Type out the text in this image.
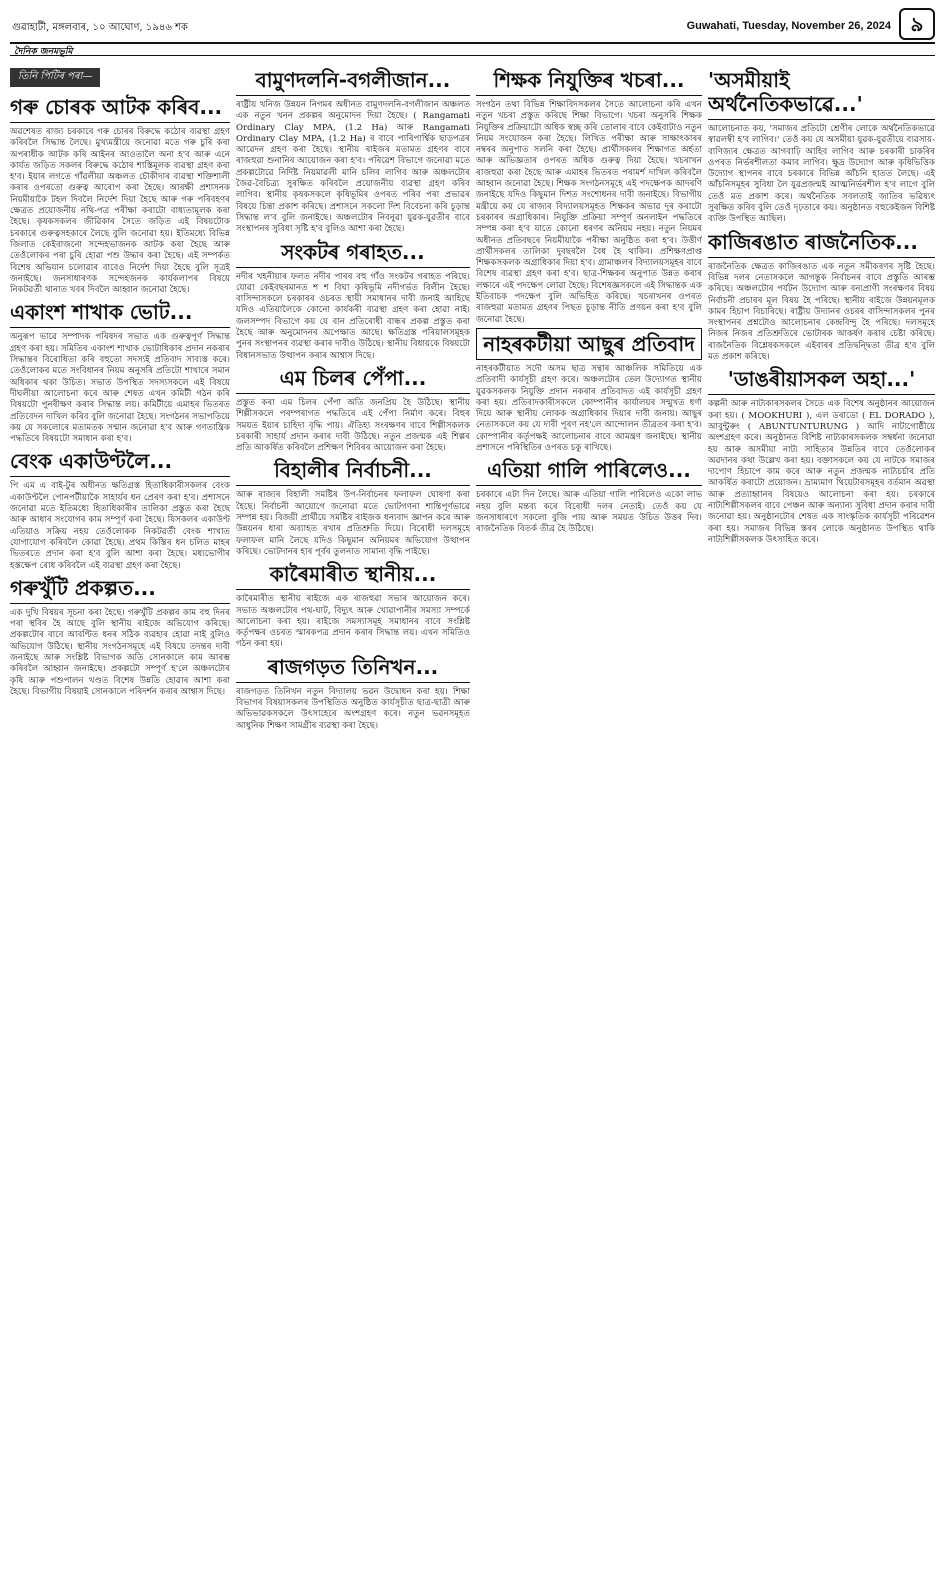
গুৱাহাটী, মঙ্গলবাৰ, ১০ আঘোণ, ১৯৪৬ শক	Guwahati, Tuesday, November 26, 2024 ৯
দৈনিক জনমভূমি
তিনি পিটিৰ পৰা—
গৰু চোৰক আটক কৰিব...
অৱশেষত ৰাজ্য চৰকাৰে গৰু চোৰৰ বিৰুদ্ধে কঠোৰ ব্যৱস্থা গ্ৰহণ কৰিবলৈ সিদ্ধান্ত লৈছে। মুখ্যমন্ত্ৰীয়ে জনোৱা মতে গৰু চুৰি কৰা অপৰাধীক আটক কৰি আইনৰ আওতালৈ অনা হ'ব আৰু এনে কাৰ্যত জড়িত সকলৰ বিৰুদ্ধে কঠোৰ শাস্তিমূলক ব্যৱস্থা গ্ৰহণ কৰা হ'ব। ইয়াৰ লগতে গাঁৱলীয়া অঞ্চলত চৌকীদাৰ ব্যৱস্থা শক্তিশালী কৰাৰ ওপৰতো গুৰুত্ব আৰোপ কৰা হৈছে। আৰক্ষী প্ৰশাসনক নিয়মীয়াকৈ টহল দিবলৈ নিৰ্দেশ দিয়া হৈছে আৰু গৰু পৰিবহণৰ ক্ষেত্ৰত প্ৰয়োজনীয় নথি-পত্ৰ পৰীক্ষা কৰাটো বাধ্যতামূলক কৰা হৈছে। কৃষকসকলৰ জীৱিকাৰ সৈতে জড়িত এই বিষয়টোক চৰকাৰে গুৰুত্বসহকাৰে লৈছে বুলি জনোৱা হয়। ইতিমধ্যে বিভিন্ন জিলাত কেইবাজনো সন্দেহভাজনক আটক কৰা হৈছে আৰু তেওঁলোকৰ পৰা চুৰি হোৱা পশু উদ্ধাৰ কৰা হৈছে। এই সম্পৰ্কত বিশেষ অভিযান চলোৱাৰ বাবেও নিৰ্দেশ দিয়া হৈছে বুলি সূত্ৰই জনাইছে। জনসাধাৰণক সন্দেহজনক কাৰ্যকলাপৰ বিষয়ে নিকটৱৰ্তী থানাত খবৰ দিবলৈ আহ্বান জনোৱা হৈছে।
একাংশ শাখাক ভোট...
অনুৰূপ ভাৱে সম্পাদক পৰিষদৰ সভাত এক গুৰুত্বপূৰ্ণ সিদ্ধান্ত গ্ৰহণ কৰা হয়। সমিতিৰ একাংশ শাখাক ভোটাধিকাৰ প্ৰদান নকৰাৰ সিদ্ধান্তৰ বিৰোধিতা কৰি বহুতো সদস্যই প্ৰতিবাদ সাব্যস্ত কৰে। তেওঁলোকৰ মতে সংবিধানৰ নিয়ম অনুসৰি প্ৰতিটো শাখাৰে সমান অধিকাৰ থকা উচিত। সভাত উপস্থিত সদস্যসকলে এই বিষয়ে দীঘলীয়া আলোচনা কৰে আৰু শেষত এখন কমিটী গঠন কৰি বিষয়টো পুনৰীক্ষণ কৰাৰ সিদ্ধান্ত লয়। কমিটীয়ে এমাহৰ ভিতৰত প্ৰতিবেদন দাখিল কৰিব বুলি জনোৱা হৈছে। সংগঠনৰ সভাপতিয়ে কয় যে সকলোৰে মতামতক সন্মান জনোৱা হ'ব আৰু গণতান্ত্ৰিক পদ্ধতিৰে বিষয়টো সমাধান কৰা হ'ব।
বেংক একাউণ্টলৈ...
পি এম এ বাই-টুৰ অধীনত ক্ষতিগ্ৰস্ত হিতাধিকাৰীসকলৰ বেংক একাউণ্টলৈ পোনপটীয়াকৈ সাহাৰ্যৰ ধন প্ৰেৰণ কৰা হ'ব। প্ৰশাসনে জনোৱা মতে ইতিমধ্যে হিতাধিকাৰীৰ তালিকা প্ৰস্তুত কৰা হৈছে আৰু আধাৰ সংযোগৰ কাম সম্পূৰ্ণ কৰা হৈছে। যিসকলৰ একাউণ্ট এতিয়াও সক্ৰিয় নহয় তেওঁলোকক নিকটৱৰ্তী বেংক শাখাত যোগাযোগ কৰিবলৈ কোৱা হৈছে। প্ৰথম কিস্তিৰ ধন চলিত মাহৰ ভিতৰতে প্ৰদান কৰা হ'ব বুলি আশা কৰা হৈছে। মধ্যভোগীৰ হস্তক্ষেপ ৰোধ কৰিবলৈ এই ব্যৱস্থা গ্ৰহণ কৰা হৈছে।
গৰুখুঁটি প্ৰকল্পত...
এক দুখি বিষয়ৰ সূচনা কৰা হৈছে। গৰুখুঁটি প্ৰকল্পৰ কাম বহু দিনৰ পৰা স্থবিৰ হৈ আছে বুলি স্থানীয় ৰাইজে অভিযোগ কৰিছে। প্ৰকল্পটোৰ বাবে আবণ্টিত ধনৰ সঠিক ব্যৱহাৰ হোৱা নাই বুলিও অভিযোগ উঠিছে। স্থানীয় সংগঠনসমূহে এই বিষয়ে তদন্তৰ দাবী জনাইছে আৰু সংশ্লিষ্ট বিভাগক অতি সোনকালে কাম আৰম্ভ কৰিবলৈ আহ্বান জনাইছে। প্ৰকল্পটো সম্পূৰ্ণ হ'লে অঞ্চলটোৰ কৃষি আৰু পশুপালন খণ্ডত বিশেষ উন্নতি হোৱাৰ আশা কৰা হৈছে। বিভাগীয় বিষয়াই সোনকালে পৰিদৰ্শন কৰাৰ আশ্বাস দিছে।
বামুণদলনি-বগলীজান...
ৰাষ্ট্ৰীয় খনিজ উন্নয়ন নিগমৰ অধীনত বামুণদলনি-বগলীজান অঞ্চলত এক নতুন খনন প্ৰকল্পৰ অনুমোদন দিয়া হৈছে। ( Rangamati Ordinary Clay MPA, (1.2 Ha) আৰু Rangamati Ordinary Clay MPA, (1.2 Ha) ৰ বাবে পাৰিপাৰ্শ্বিক ছাড়পত্ৰৰ আৱেদন গ্ৰহণ কৰা হৈছে। স্থানীয় ৰাইজৰ মতামত গ্ৰহণৰ বাবে ৰাজহুৱা শুনানিৰ আয়োজন কৰা হ'ব। পৰিৱেশ বিভাগে জনোৱা মতে প্ৰকল্পটোৱে নিৰ্দিষ্ট নিয়মাৱলী মানি চলিব লাগিব আৰু অঞ্চলটোৰ জৈৱ-বৈচিত্ৰ্য সুৰক্ষিত কৰিবলৈ প্ৰয়োজনীয় ব্যৱস্থা গ্ৰহণ কৰিব লাগিব। স্থানীয় কৃষকসকলে কৃষিভূমিৰ ওপৰত পৰিব পৰা প্ৰভাৱৰ বিষয়ে চিন্তা প্ৰকাশ কৰিছে। প্ৰশাসনে সকলো দিশ বিবেচনা কৰি চূড়ান্ত সিদ্ধান্ত ল'ব বুলি জনাইছে। অঞ্চলটোৰ নিবনুৱা যুৱক-যুৱতীৰ বাবে সংস্থাপনৰ সুবিধা সৃষ্টি হ'ব বুলিও আশা কৰা হৈছে।
সংকটৰ গৰাহত...
নদীৰ খহনীয়াৰ ফলত নদীৰ পাৰৰ বহু গাঁও সংকটৰ গৰাহত পৰিছে। যোৱা কেইবছৰমানত শ শ বিঘা কৃষিভূমি নদীগৰ্ভত বিলীন হৈছে। বাসিন্দাসকলে চৰকাৰৰ ওচৰত স্থায়ী সমাধানৰ দাবী জনাই আহিছে যদিও এতিয়ালৈকে কোনো কাৰ্যকৰী ব্যৱস্থা গ্ৰহণ কৰা হোৱা নাই। জলসম্পদ বিভাগে কয় যে বান প্ৰতিৰোধী বান্ধৰ প্ৰকল্প প্ৰস্তুত কৰা হৈছে আৰু অনুমোদনৰ অপেক্ষাত আছে। ক্ষতিগ্ৰস্ত পৰিয়ালসমূহক পুনৰ সংস্থাপনৰ ব্যৱস্থা কৰাৰ দাবীও উঠিছে। স্থানীয় বিধায়কে বিষয়টো বিধানসভাত উত্থাপন কৰাৰ আশ্বাস দিছে।
এম চিলৰ পেঁপা...
প্ৰস্তুত কৰা এম চিলৰ পেঁপা অতি জনপ্ৰিয় হৈ উঠিছে। স্থানীয় শিল্পীসকলে পৰম্পৰাগত পদ্ধতিৰে এই পেঁপা নিৰ্মাণ কৰে। বিহুৰ সময়ত ইয়াৰ চাহিদা বৃদ্ধি পায়। ঐতিহ্য সংৰক্ষণৰ বাবে শিল্পীসকলক চৰকাৰী সাহাৰ্য প্ৰদান কৰাৰ দাবী উঠিছে। নতুন প্ৰজন্মক এই শিল্পৰ প্ৰতি আকৰ্ষিত কৰিবলৈ প্ৰশিক্ষণ শিবিৰৰ আয়োজন কৰা হৈছে।
বিহালীৰ নিৰ্বাচনী...
আৰু ৰাজ্যৰ বিহালী সমষ্টিৰ উপ-নিৰ্বাচনৰ ফলাফল ঘোষণা কৰা হৈছে। নিৰ্বাচনী আয়োগে জনোৱা মতে ভোটগণনা শান্তিপূৰ্ণভাৱে সম্পন্ন হয়। বিজয়ী প্ৰাৰ্থীয়ে সমষ্টিৰ ৰাইজক ধন্যবাদ জ্ঞাপন কৰে আৰু উন্নয়নৰ ধাৰা অব্যাহত ৰখাৰ প্ৰতিশ্ৰুতি দিয়ে। বিৰোধী দলসমূহে ফলাফল মানি লৈছে যদিও কিছুমান অনিয়মৰ অভিযোগ উত্থাপন কৰিছে। ভোটদানৰ হাৰ পূৰ্বৰ তুলনাত সামান্য বৃদ্ধি পাইছে।
কাৰৈমাৰীত স্থানীয়...
কাৰৈমাৰীত স্থানীয় ৰাইজে এক ৰাজহুৱা সভাৰ আয়োজন কৰে। সভাত অঞ্চলটোৰ পথ-ঘাট, বিদ্যুৎ আৰু খোৱাপানীৰ সমস্যা সম্পৰ্কে আলোচনা কৰা হয়। ৰাইজে সমস্যাসমূহ সমাধানৰ বাবে সংশ্লিষ্ট কৰ্তৃপক্ষৰ ওচৰত স্মাৰকপত্ৰ প্ৰদান কৰাৰ সিদ্ধান্ত লয়। এখন সমিতিও গঠন কৰা হয়।
ৰাজগড়ত তিনিখন...
ৰাজগড়ত তিনিখন নতুন বিদ্যালয় ভৱন উদ্বোধন কৰা হয়। শিক্ষা বিভাগৰ বিষয়াসকলৰ উপস্থিতিত অনুষ্ঠিত কাৰ্যসূচীত ছাত্ৰ-ছাত্ৰী আৰু অভিভাৱকসকলে উৎসাহেৰে অংশগ্ৰহণ কৰে। নতুন ভৱনসমূহত আধুনিক শিক্ষণ সামগ্ৰীৰ ব্যৱস্থা কৰা হৈছে।
শিক্ষক নিযুক্তিৰ খচৰা...
সংগঠন তথা বিভিন্ন শিক্ষাবিদসকলৰ সৈতে আলোচনা কৰি এখন নতুন খচৰা প্ৰস্তুত কৰিছে শিক্ষা বিভাগে। খচৰা অনুসৰি শিক্ষক নিযুক্তিৰ প্ৰক্ৰিয়াটো অধিক স্বচ্ছ কৰি তোলাৰ বাবে কেইবাটাও নতুন নিয়ম সংযোজন কৰা হৈছে। লিখিত পৰীক্ষা আৰু সাক্ষাৎকাৰৰ নম্বৰৰ অনুপাত সলনি কৰা হৈছে। প্ৰাৰ্থীসকলৰ শিক্ষাগত অৰ্হতা আৰু অভিজ্ঞতাৰ ওপৰত অধিক গুৰুত্ব দিয়া হৈছে। খচৰাখন ৰাজহুৱা কৰা হৈছে আৰু এমাহৰ ভিতৰত পৰামৰ্শ দাখিল কৰিবলৈ আহ্বান জনোৱা হৈছে। শিক্ষক সংগঠনসমূহে এই পদক্ষেপক আদৰণি জনাইছে যদিও কিছুমান দিশত সংশোধনৰ দাবী জনাইছে। বিভাগীয় মন্ত্ৰীয়ে কয় যে ৰাজ্যৰ বিদ্যালয়সমূহত শিক্ষকৰ অভাৱ দূৰ কৰাটো চৰকাৰৰ অগ্ৰাধিকাৰ। নিযুক্তি প্ৰক্ৰিয়া সম্পূৰ্ণ অনলাইন পদ্ধতিৰে সম্পন্ন কৰা হ'ব যাতে কোনো ধৰণৰ অনিয়ম নহয়। নতুন নিয়মৰ অধীনত প্ৰতিবছৰে নিয়মীয়াকৈ পৰীক্ষা অনুষ্ঠিত কৰা হ'ব। উত্তীৰ্ণ প্ৰাৰ্থীসকলৰ তালিকা দুবছৰলৈ বৈধ হৈ থাকিব। প্ৰশিক্ষণপ্ৰাপ্ত শিক্ষকসকলক অগ্ৰাধিকাৰ দিয়া হ'ব। গ্ৰামাঞ্চলৰ বিদ্যালয়সমূহৰ বাবে বিশেষ ব্যৱস্থা গ্ৰহণ কৰা হ'ব। ছাত্ৰ-শিক্ষকৰ অনুপাত উন্নত কৰাৰ লক্ষ্যৰে এই পদক্ষেপ লোৱা হৈছে। বিশেষজ্ঞসকলে এই সিদ্ধান্তক এক ইতিবাচক পদক্ষেপ বুলি অভিহিত কৰিছে। খচৰাখনৰ ওপৰত ৰাজহুৱা মতামত গ্ৰহণৰ পিছত চূড়ান্ত নীতি প্ৰণয়ন কৰা হ'ব বুলি জনোৱা হৈছে।
নাহৰকটীয়া আছুৰ প্ৰতিবাদ
নাহৰকটীয়াত সদৌ অসম ছাত্ৰ সন্থাৰ আঞ্চলিক সমিতিয়ে এক প্ৰতিবাদী কাৰ্যসূচী গ্ৰহণ কৰে। অঞ্চলটোৰ তেল উদ্যোগত স্থানীয় যুৱকসকলক নিযুক্তি প্ৰদান নকৰাৰ প্ৰতিবাদত এই কাৰ্যসূচী গ্ৰহণ কৰা হয়। প্ৰতিবাদকাৰীসকলে কোম্পানীৰ কাৰ্যালয়ৰ সন্মুখত ধৰ্ণা দিয়ে আৰু স্থানীয় লোকক অগ্ৰাধিকাৰ দিয়াৰ দাবী জনায়। আছুৰ নেতাসকলে কয় যে দাবী পূৰণ নহ'লে আন্দোলন তীব্ৰতৰ কৰা হ'ব। কোম্পানীৰ কৰ্তৃপক্ষই আলোচনাৰ বাবে আমন্ত্ৰণ জনাইছে। স্থানীয় প্ৰশাসনে পৰিস্থিতিৰ ওপৰত চকু ৰাখিছে।
এতিয়া গালি পাৰিলেও...
চৰকাৰে এটা দিন লৈছে। আৰু এতিয়া গালি পাৰিলেও একো লাভ নহয় বুলি মন্তব্য কৰে বিৰোধী দলৰ নেতাই। তেওঁ কয় যে জনসাধাৰণে সকলো বুজি পায় আৰু সময়ত উচিত উত্তৰ দিব। ৰাজনৈতিক বিতৰ্ক তীব্ৰ হৈ উঠিছে।
'অসমীয়াই অৰ্থনৈতিকভাৱে...'
আলোচনাত কয়, 'সমাজৰ প্ৰতিটো শ্ৰেণীৰ লোকে অৰ্থনৈতিকভাৱে স্বাৱলম্বী হ'ব লাগিব।' তেওঁ কয় যে অসমীয়া যুৱক-যুৱতীয়ে ব্যৱসায়-বাণিজ্যৰ ক্ষেত্ৰত আগবাঢ়ি আহিব লাগিব আৰু চৰকাৰী চাকৰিৰ ওপৰত নিৰ্ভৰশীলতা কমাব লাগিব। ক্ষুদ্ৰ উদ্যোগ আৰু কৃষিভিত্তিক উদ্যোগ স্থাপনৰ বাবে চৰকাৰে বিভিন্ন আঁচনি হাতত লৈছে। এই আঁচনিসমূহৰ সুবিধা লৈ যুৱপ্ৰজন্মই আত্মনিৰ্ভৰশীল হ'ব লাগে বুলি তেওঁ মত প্ৰকাশ কৰে। অৰ্থনৈতিক সবলতাই জাতিৰ ভৱিষ্যৎ সুৰক্ষিত কৰিব বুলি তেওঁ দৃঢ়তাৰে কয়। অনুষ্ঠানত বহুকেইজন বিশিষ্ট ব্যক্তি উপস্থিত আছিল।
কাজিৰঙাত ৰাজনৈতিক...
ৰাজনৈতিক ক্ষেত্ৰত কাজিৰঙাত এক নতুন সমীকৰণৰ সৃষ্টি হৈছে। বিভিন্ন দলৰ নেতাসকলে আগন্তুক নিৰ্বাচনৰ বাবে প্ৰস্তুতি আৰম্ভ কৰিছে। অঞ্চলটোৰ পৰ্যটন উদ্যোগ আৰু বন্যপ্ৰাণী সংৰক্ষণৰ বিষয় নিৰ্বাচনী প্ৰচাৰৰ মূল বিষয় হৈ পৰিছে। স্থানীয় ৰাইজে উন্নয়নমূলক কামৰ হিচাপ বিচাৰিছে। ৰাষ্ট্ৰীয় উদ্যানৰ ওচৰৰ বাসিন্দাসকলৰ পুনৰ সংস্থাপনৰ প্ৰশ্নটোও আলোচনাৰ কেন্দ্ৰবিন্দু হৈ পৰিছে। দলসমূহে নিজৰ নিজৰ প্ৰতিশ্ৰুতিৰে ভোটাৰক আকৰ্ষণ কৰাৰ চেষ্টা কৰিছে। ৰাজনৈতিক বিশ্লেষকসকলে এইবাৰৰ প্ৰতিদ্বন্দ্বিতা তীব্ৰ হ'ব বুলি মত প্ৰকাশ কৰিছে।
'ডাঙৰীয়াসকল অহা...'
কল্পনী আৰু নাট্যকাৰসকলৰ সৈতে এক বিশেষ অনুষ্ঠানৰ আয়োজন কৰা হয়। ( MOOKHURI ), এল ডৰাডো ( EL DORADO ), আবুন্টুৰুং ( ABUNTUNTURUNG ) আদি নাট্যগোষ্ঠীয়ে অংশগ্ৰহণ কৰে। অনুষ্ঠানত বিশিষ্ট নাট্যকাৰসকলক সম্বৰ্ধনা জনোৱা হয় আৰু অসমীয়া নাট্য সাহিত্যৰ উন্নতিৰ বাবে তেওঁলোকৰ অৱদানৰ কথা উল্লেখ কৰা হয়। বক্তাসকলে কয় যে নাটকে সমাজৰ দাপোণ হিচাপে কাম কৰে আৰু নতুন প্ৰজন্মক নাট্যচৰ্চাৰ প্ৰতি আকৰ্ষিত কৰাটো প্ৰয়োজন। ভ্ৰাম্যমাণ থিয়েটাৰসমূহৰ বৰ্তমান অৱস্থা আৰু প্ৰত্যাহ্বানৰ বিষয়েও আলোচনা কৰা হয়। চৰকাৰে নাট্যশিল্পীসকলৰ বাবে পেঞ্চন আৰু অন্যান্য সুবিধা প্ৰদান কৰাৰ দাবী জনোৱা হয়। অনুষ্ঠানটোৰ শেষত এক সাংস্কৃতিক কাৰ্যসূচী পৰিৱেশন কৰা হয়। সমাজৰ বিভিন্ন স্তৰৰ লোকে অনুষ্ঠানত উপস্থিত থাকি নাট্যশিল্পীসকলক উৎসাহিত কৰে।
